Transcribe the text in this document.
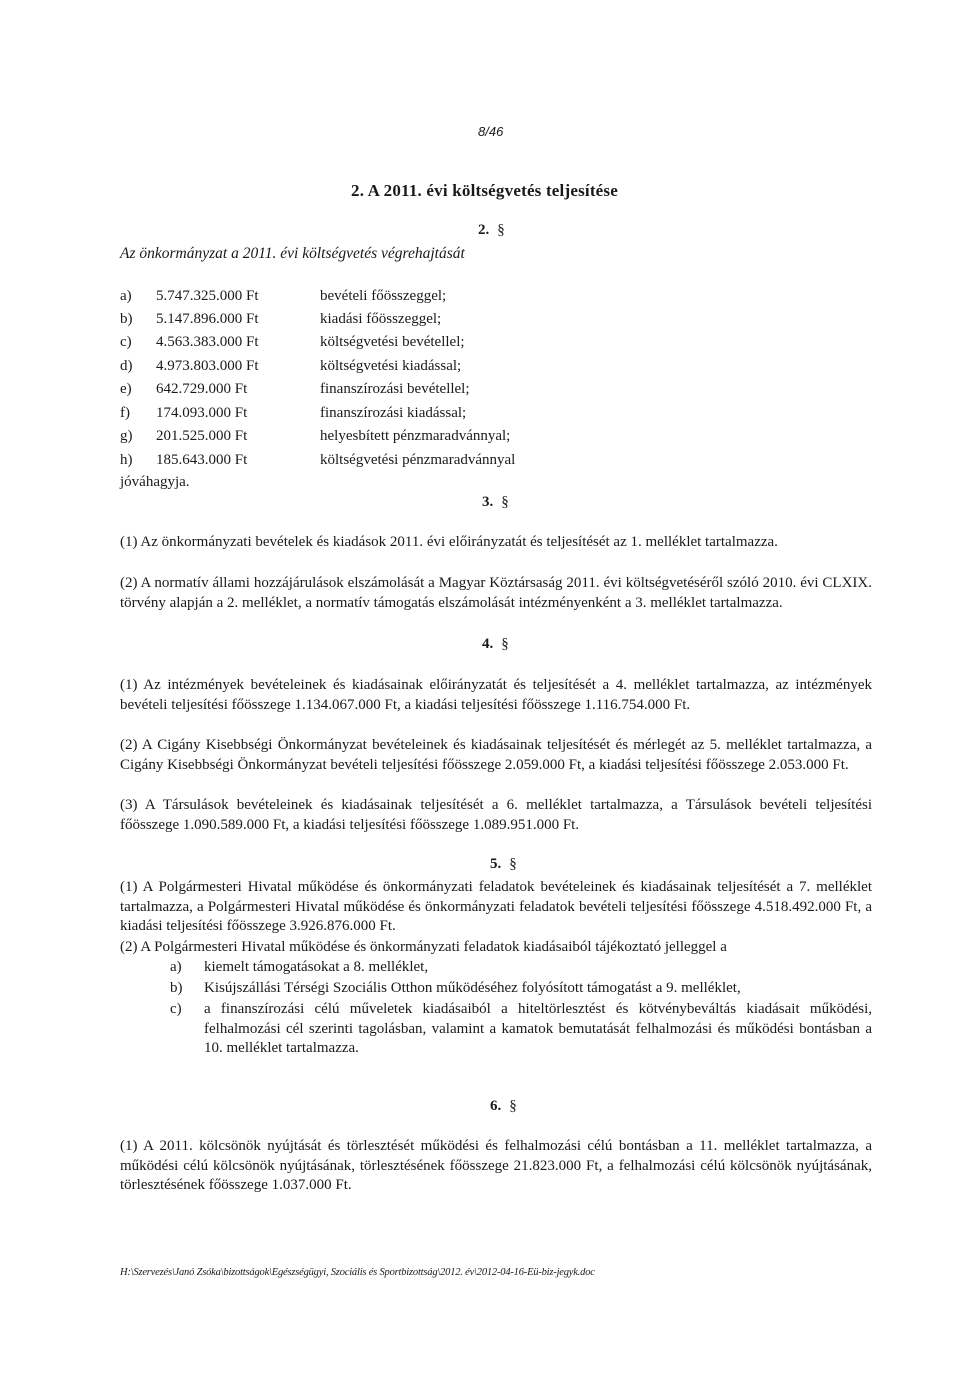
8/46
2. A 2011. évi költségvetés teljesítése
2. §
Az önkormányzat a 2011. évi költségvetés végrehajtását
a)	5.747.325.000 Ft	bevételi főösszeggel;
b)	5.147.896.000 Ft	kiadási főösszeggel;
c)	4.563.383.000 Ft	költségvetési bevétellel;
d)	4.973.803.000 Ft	költségvetési kiadással;
e)	642.729.000 Ft	finanszírozási bevétellel;
f)	174.093.000 Ft	finanszírozási kiadással;
g)	201.525.000 Ft	helyesbített pénzmaradvánnyal;
h)	185.643.000 Ft	költségvetési pénzmaradvánnyal
jóváhagyja.
3. §
(1) Az önkormányzati bevételek és kiadások 2011. évi előirányzatát és teljesítését az 1. melléklet tartalmazza.
(2) A normatív állami hozzájárulások elszámolását a Magyar Köztársaság 2011. évi költségvetéséről szóló 2010. évi CLXIX. törvény alapján a 2. melléklet, a normatív támogatás elszámolását intézményenként a 3. melléklet tartalmazza.
4. §
(1) Az intézmények bevételeinek és kiadásainak előirányzatát és teljesítését a 4. melléklet tartalmazza, az intézmények bevételi teljesítési főösszege 1.134.067.000 Ft, a kiadási teljesítési főösszege 1.116.754.000 Ft.
(2) A Cigány Kisebbségi Önkormányzat bevételeinek és kiadásainak teljesítését és mérlegét az 5. melléklet tartalmazza, a Cigány Kisebbségi Önkormányzat bevételi teljesítési főösszege 2.059.000 Ft, a kiadási teljesítési főösszege 2.053.000 Ft.
(3) A Társulások bevételeinek és kiadásainak teljesítését a 6. melléklet tartalmazza, a Társulások bevételi teljesítési főösszege 1.090.589.000 Ft, a kiadási teljesítési főösszege 1.089.951.000 Ft.
5. §
(1) A Polgármesteri Hivatal működése és önkormányzati feladatok bevételeinek és kiadásainak teljesítését a 7. melléklet tartalmazza, a Polgármesteri Hivatal működése és önkormányzati feladatok bevételi teljesítési főösszege 4.518.492.000 Ft, a kiadási teljesítési főösszege 3.926.876.000 Ft.
(2) A Polgármesteri Hivatal működése és önkormányzati feladatok kiadásaiból tájékoztató jelleggel a
a) kiemelt támogatásokat a 8. melléklet,
b) Kisújszállási Térségi Szociális Otthon működéséhez folyósított támogatást a 9. melléklet,
c) a finanszírozási célú műveletek kiadásaiból a hiteltörlesztést és kötvénybeváltás kiadásait működési, felhalmozási cél szerinti tagolásban, valamint a kamatok bemutatását felhalmozási és működési bontásban a 10. melléklet tartalmazza.
6. §
(1) A 2011. kölcsönök nyújtását és törlesztését működési és felhalmozási célú bontásban a 11. melléklet tartalmazza, a működési célú kölcsönök nyújtásának, törlesztésének főösszege 21.823.000 Ft, a felhalmozási célú kölcsönök nyújtásának, törlesztésének főösszege 1.037.000 Ft.
H:\Szervezés\Janó Zsóka\bizottságok\Egészségügyi, Szociális és Sportbizottság\2012. év\2012-04-16-Eü-biz-jegyk.doc
